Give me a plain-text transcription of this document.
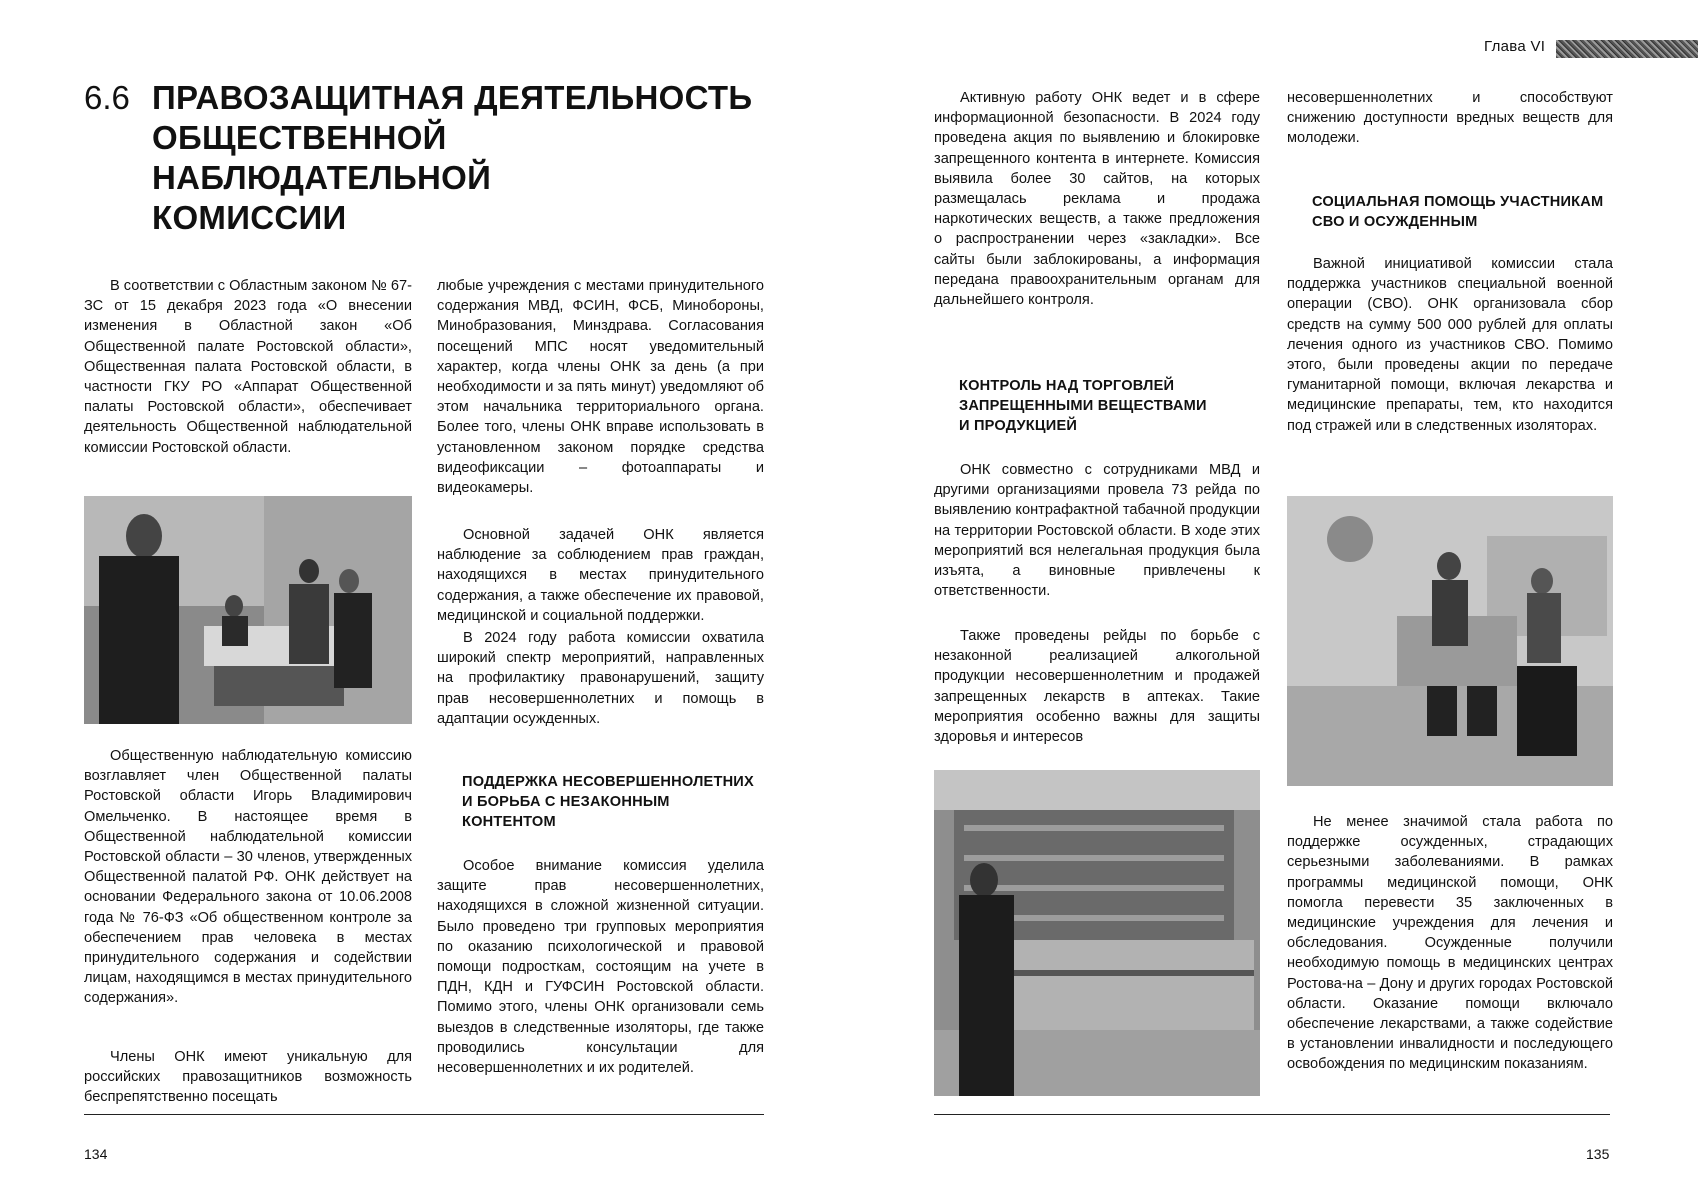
Глава VI
6.6 ПРАВОЗАЩИТНАЯ ДЕЯТЕЛЬНОСТЬ
ОБЩЕСТВЕННОЙ НАБЛЮДАТЕЛЬНОЙ
КОМИССИИ

В соответствии с Областным законом № 67-ЗС от 15 декабря 2023 года «О внесении изменения в Областной закон «Об Общественной палате Ростовской области», Общественная палата Ростовской области, в частности ГКУ РО «Аппарат Общественной палаты Ростовской области», обеспечивает деятельность Общественной наблюдательной комиссии Ростовской области.

Общественную наблюдательную комиссию возглавляет член Общественной палаты Ростовской области Игорь Владимирович Омельченко. В настоящее время в Общественной наблюдательной комиссии Ростовской области – 30 членов, утвержденных Общественной палатой РФ. ОНК действует на основании Федерального закона от 10.06.2008 года № 76-ФЗ «Об общественном контроле за обеспечением прав человека в местах принудительного содержания и содействии лицам, находящимся в местах принудительного содержания».

Члены ОНК имеют уникальную для российских правозащитников возможность беспрепятственно посещать

любые учреждения с местами принудительного содержания МВД, ФСИН, ФСБ, Минобороны, Минобразования, Минздрава. Согласования посещений МПС носят уведомительный характер, когда члены ОНК за день (а при необходимости и за пять минут) уведомляют об этом начальника территориального органа. Более того, члены ОНК вправе использовать в установленном законом порядке средства видеофиксации – фотоаппараты и видеокамеры.

Основной задачей ОНК является наблюдение за соблюдением прав граждан, находящихся в местах принудительного содержания, а также обеспечение их правовой, медицинской и социальной поддержки.

В 2024 году работа комиссии охватила широкий спектр мероприятий, направленных на профилактику правонарушений, защиту прав несовершеннолетних и помощь в адаптации осужденных.

ПОДДЕРЖКА НЕСОВЕРШЕННОЛЕТНИХ
И БОРЬБА С НЕЗАКОННЫМ
КОНТЕНТОМ

Особое внимание комиссия уделила защите прав несовершеннолетних, находящихся в сложной жизненной ситуации. Было проведено три групповых мероприятия по оказанию психологической и правовой помощи подросткам, состоящим на учете в ПДН, КДН и ГУФСИН Ростовской области. Помимо этого, члены ОНК организовали семь выездов в следственные изоляторы, где также проводились консультации для несовершеннолетних и их родителей.

134

Активную работу ОНК ведет и в сфере информационной безопасности. В 2024 году проведена акция по выявлению и блокировке запрещенного контента в интернете. Комиссия выявила более 30 сайтов, на которых размещалась реклама и продажа наркотических веществ, а также предложения о распространении через «закладки». Все сайты были заблокированы, а информация передана правоохранительным органам для дальнейшего контроля.

КОНТРОЛЬ НАД ТОРГОВЛЕЙ
ЗАПРЕЩЕННЫМИ ВЕЩЕСТВАМИ
И ПРОДУКЦИЕЙ

ОНК совместно с сотрудниками МВД и другими организациями провела 73 рейда по выявлению контрафактной табачной продукции на территории Ростовской области. В ходе этих мероприятий вся нелегальная продукция была изъята, а виновные привлечены к ответственности.

Также проведены рейды по борьбе с незаконной реализацией алкогольной продукции несовершеннолетним и продажей запрещенных лекарств в аптеках. Такие мероприятия особенно важны для защиты здоровья и интересов

несовершеннолетних и способствуют снижению доступности вредных веществ для молодежи.

СОЦИАЛЬНАЯ ПОМОЩЬ УЧАСТНИКАМ
СВО И ОСУЖДЕННЫМ

Важной инициативой комиссии стала поддержка участников специальной военной операции (СВО). ОНК организовала сбор средств на сумму 500 000 рублей для оплаты лечения одного из участников СВО. Помимо этого, были проведены акции по передаче гуманитарной помощи, включая лекарства и медицинские препараты, тем, кто находится под стражей или в следственных изоляторах.

Не менее значимой стала работа по поддержке осужденных, страдающих серьезными заболеваниями. В рамках программы медицинской помощи, ОНК помогла перевести 35 заключенных в медицинские учреждения для лечения и обследования. Осужденные получили необходимую помощь в медицинских центрах Ростова-на – Дону и других городах Ростовской области. Оказание помощи включало обеспечение лекарствами, а также содействие в установлении инвалидности и последующего освобождения по медицинским показаниям.

135
